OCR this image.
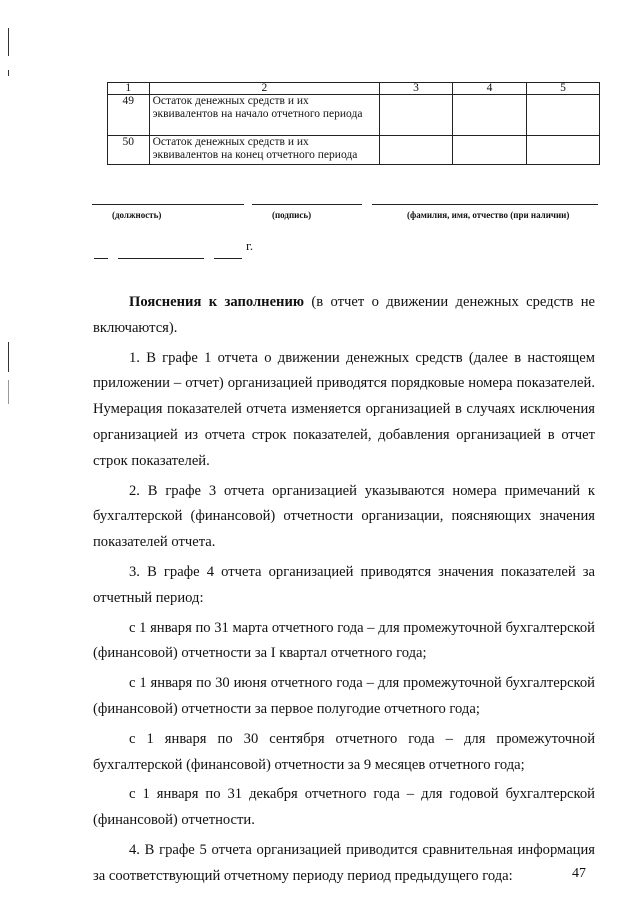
1	2	3	4	5
49	Остаток денежных средств и их эквивалентов на начало отчетного периода			
50	Остаток денежных средств и их эквивалентов на конец отчетного периода			
(должность)	(подпись)	(фамилия, имя, отчество (при наличии)
г.

Пояснения к заполнению (в отчет о движении денежных средств не включаются).

1. В графе 1 отчета о движении денежных средств (далее в настоящем приложении – отчет) организацией приводятся порядковые номера показателей. Нумерация показателей отчета изменяется организацией в случаях исключения организацией из отчета строк показателей, добавления организацией в отчет строк показателей.

2. В графе 3 отчета организацией указываются номера примечаний к бухгалтерской (финансовой) отчетности организации, поясняющих значения показателей отчета.

3. В графе 4 отчета организацией приводятся значения показателей за отчетный период:

с 1 января по 31 марта отчетного года – для промежуточной бухгалтерской (финансовой) отчетности за I квартал отчетного года;

с 1 января по 30 июня отчетного года – для промежуточной бухгалтерской (финансовой) отчетности за первое полугодие отчетного года;

с 1 января по 30 сентября отчетного года – для промежуточной бухгалтерской (финансовой) отчетности за 9 месяцев отчетного года;

с 1 января по 31 декабря отчетного года – для годовой бухгалтерской (финансовой) отчетности.

4. В графе 5 отчета организацией приводится сравнительная информация за соответствующий отчетному периоду период предыдущего года:	47
